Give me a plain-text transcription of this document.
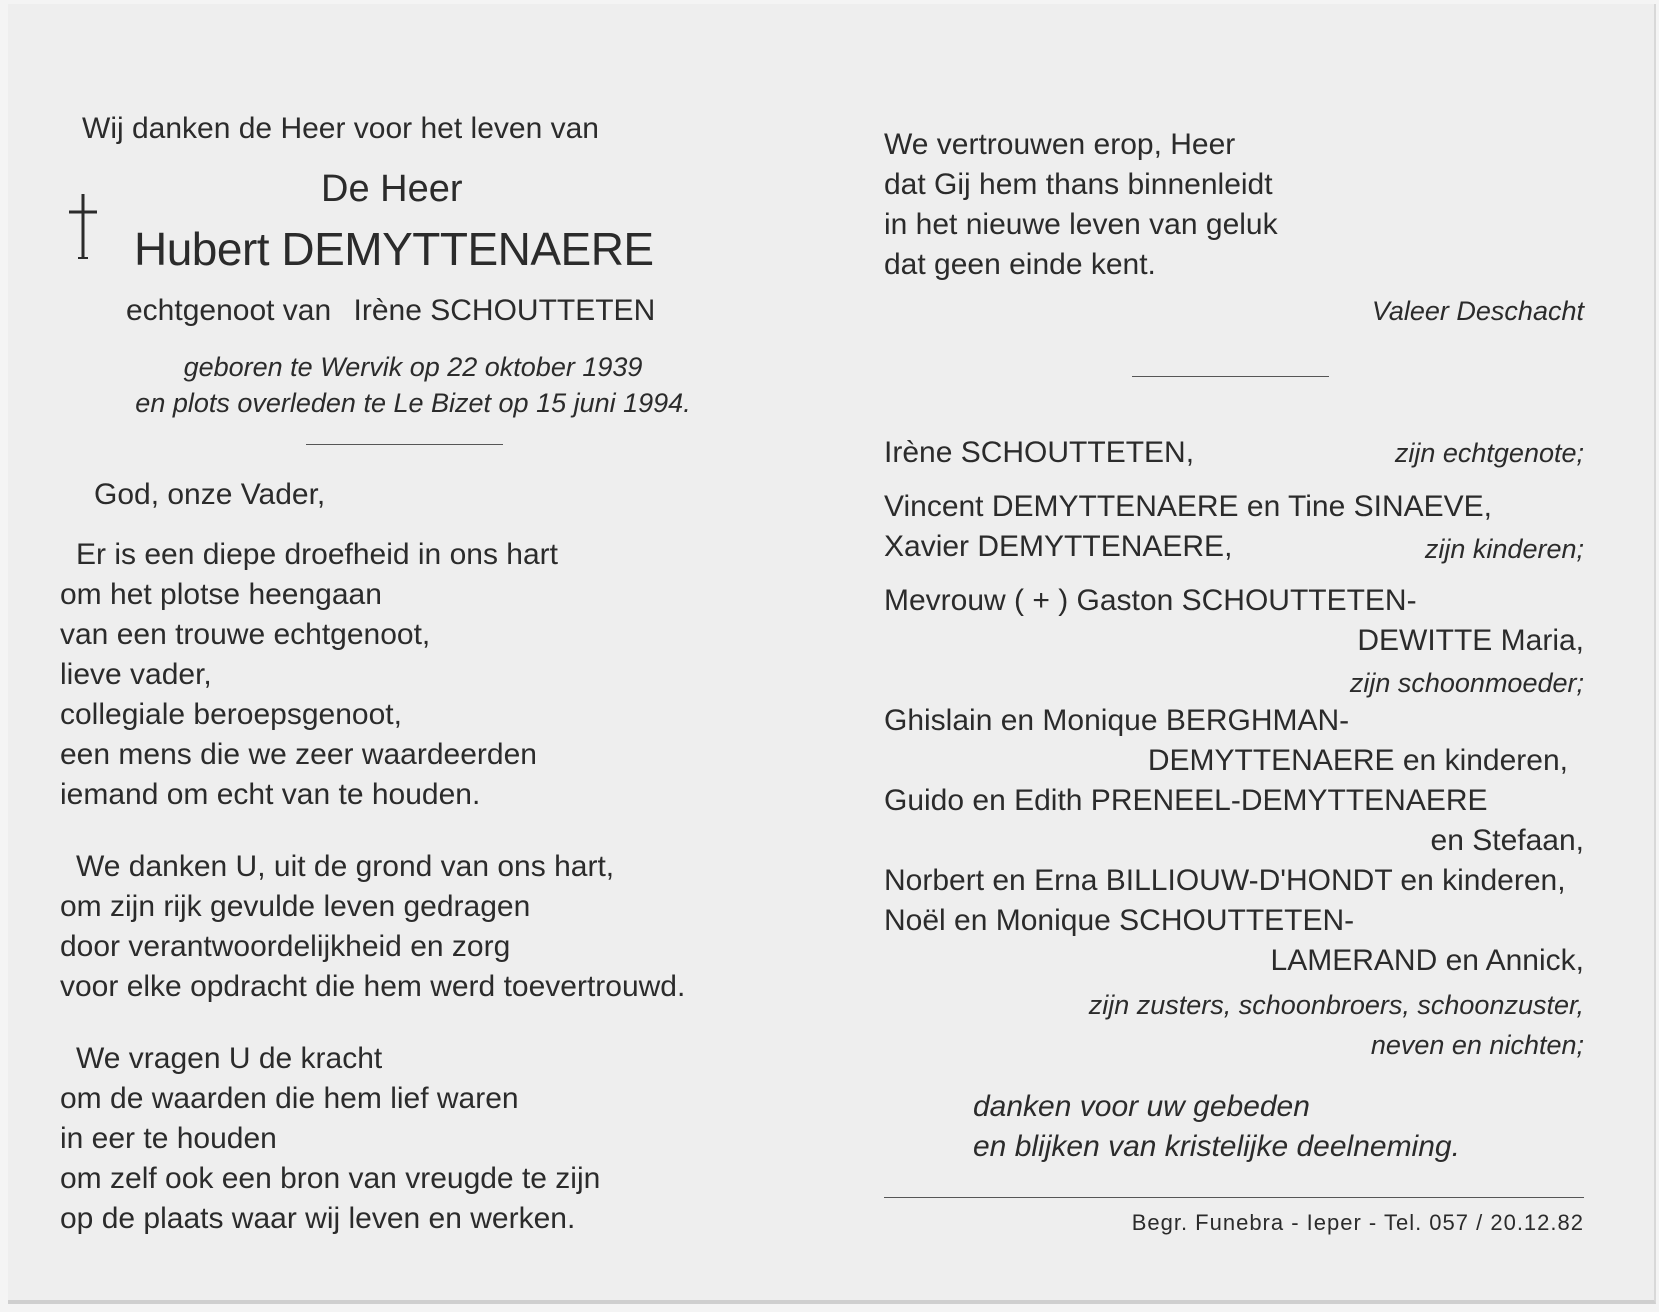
Wij danken de Heer voor het leven van
De Heer
Hubert DEMYTTENAERE
echtgenoot van Irène SCHOUTTETEN
geboren te Wervik op 22 oktober 1939
en plots overleden te Le Bizet op 15 juni 1994.
God, onze Vader,
Er is een diepe droefheid in ons hart
om het plotse heengaan
van een trouwe echtgenoot,
lieve vader,
collegiale beroepsgenoot,
een mens die we zeer waardeerden
iemand om echt van te houden.
We danken U, uit de grond van ons hart,
om zijn rijk gevulde leven gedragen
door verantwoordelijkheid en zorg
voor elke opdracht die hem werd toevertrouwd.
We vragen U de kracht
om de waarden die hem lief waren
in eer te houden
om zelf ook een bron van vreugde te zijn
op de plaats waar wij leven en werken.
We vertrouwen erop, Heer
dat Gij hem thans binnenleidt
in het nieuwe leven van geluk
dat geen einde kent.
Valeer Deschacht
Irène SCHOUTTETEN,	zijn echtgenote;
Vincent DEMYTTENAERE en Tine SINAEVE,
Xavier DEMYTTENAERE,	zijn kinderen;
Mevrouw ( + ) Gaston SCHOUTTETEN-
DEWITTE Maria,
zijn schoonmoeder;
Ghislain en Monique BERGHMAN-
DEMYTTENAERE en kinderen,
Guido en Edith PRENEEL-DEMYTTENAERE
en Stefaan,
Norbert en Erna BILLIOUW-D'HONDT en kinderen,
Noël en Monique SCHOUTTETEN-
LAMERAND en Annick,
zijn zusters, schoonbroers, schoonzuster,
neven en nichten;
danken voor uw gebeden
en blijken van kristelijke deelneming.
Begr. Funebra - Ieper - Tel. 057 / 20.12.82
